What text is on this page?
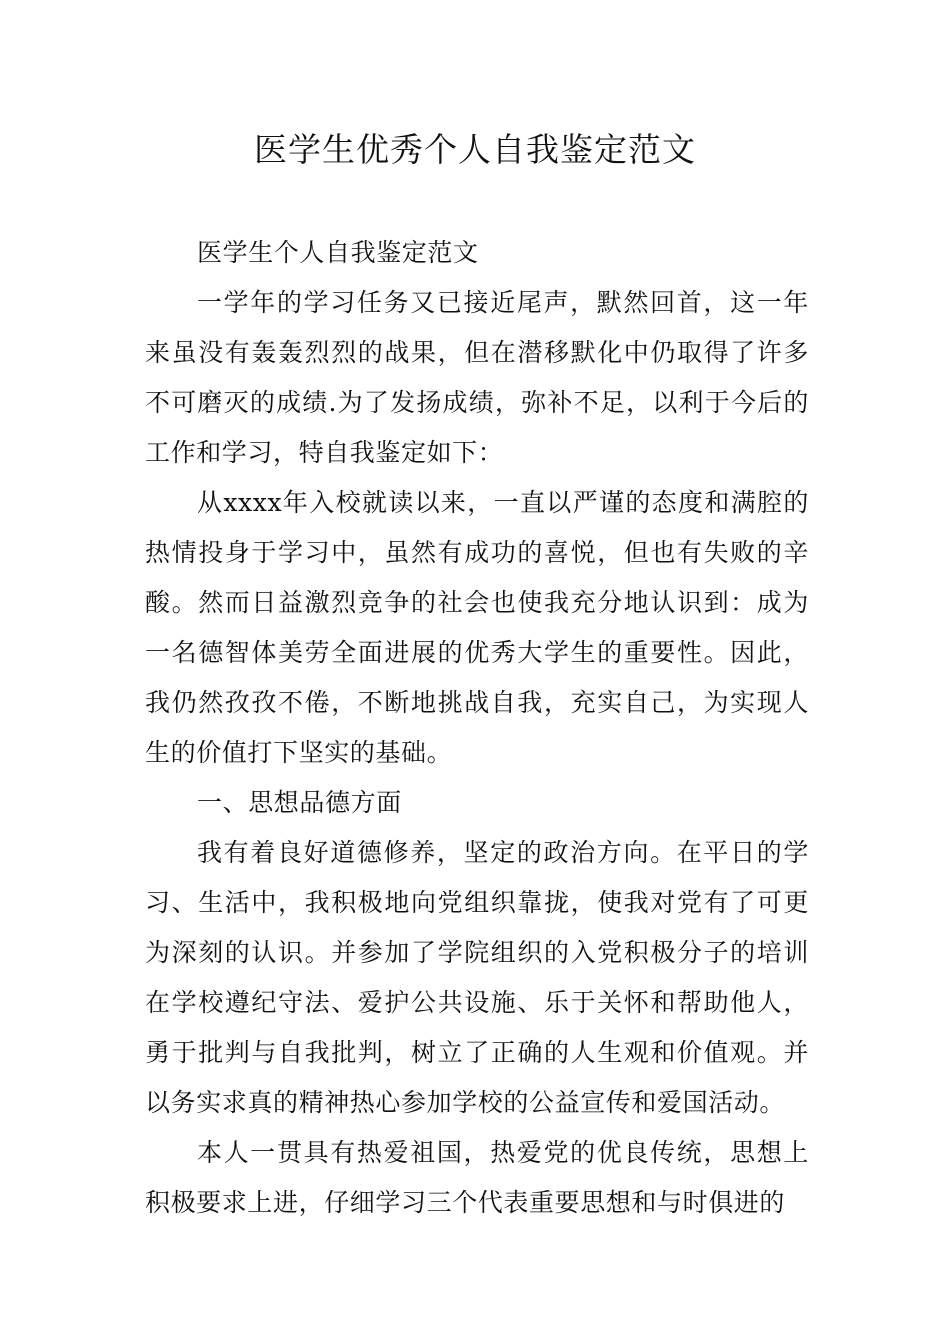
医学生优秀个人自我鉴定范文

医学生个人自我鉴定范文

一学年的学习任务又已接近尾声，默然回首，这一年来虽没有轰轰烈烈的战果，但在潜移默化中仍取得了许多不可磨灭的成绩.为了发扬成绩，弥补不足，以利于今后的工作和学习，特自我鉴定如下：

从xxxx年入校就读以来，一直以严谨的态度和满腔的热情投身于学习中，虽然有成功的喜悦，但也有失败的辛酸。然而日益激烈竞争的社会也使我充分地认识到：成为一名德智体美劳全面进展的优秀大学生的重要性。因此，我仍然孜孜不倦，不断地挑战自我，充实自己，为实现人生的价值打下坚实的基础。

一、思想品德方面

我有着良好道德修养，坚定的政治方向。在平日的学习、生活中，我积极地向党组织靠拢，使我对党有了可更为深刻的认识。并参加了学院组织的入党积极分子的培训在学校遵纪守法、爱护公共设施、乐于关怀和帮助他人，勇于批判与自我批判，树立了正确的人生观和价值观。并以务实求真的精神热心参加学校的公益宣传和爱国活动。

本人一贯具有热爱祖国，热爱党的优良传统，思想上积极要求上进，仔细学习三个代表重要思想和与时俱进的
